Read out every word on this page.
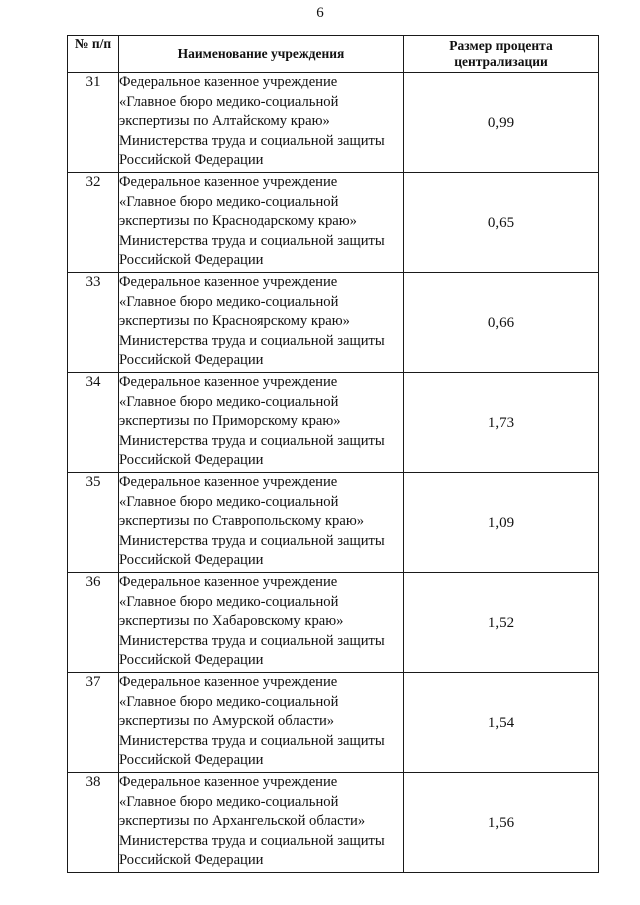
6
№ п/п	Наименование учреждения	Размер процента
централизации

31	Федеральное казенное учреждение
«Главное бюро медико-социальной
экспертизы по Алтайскому краю»
Министерства труда и социальной защиты
Российской Федерации	0,99
32	Федеральное казенное учреждение
«Главное бюро медико-социальной
экспертизы по Краснодарскому краю»
Министерства труда и социальной защиты
Российской Федерации	0,65
33	Федеральное казенное учреждение
«Главное бюро медико-социальной
экспертизы по Красноярскому краю»
Министерства труда и социальной защиты
Российской Федерации	0,66
34	Федеральное казенное учреждение
«Главное бюро медико-социальной
экспертизы по Приморскому краю»
Министерства труда и социальной защиты
Российской Федерации	1,73
35	Федеральное казенное учреждение
«Главное бюро медико-социальной
экспертизы по Ставропольскому краю»
Министерства труда и социальной защиты
Российской Федерации	1,09
36	Федеральное казенное учреждение
«Главное бюро медико-социальной
экспертизы по Хабаровскому краю»
Министерства труда и социальной защиты
Российской Федерации	1,52
37	Федеральное казенное учреждение
«Главное бюро медико-социальной
экспертизы по Амурской области»
Министерства труда и социальной защиты
Российской Федерации	1,54
38	Федеральное казенное учреждение
«Главное бюро медико-социальной
экспертизы по Архангельской области»
Министерства труда и социальной защиты
Российской Федерации	1,56
